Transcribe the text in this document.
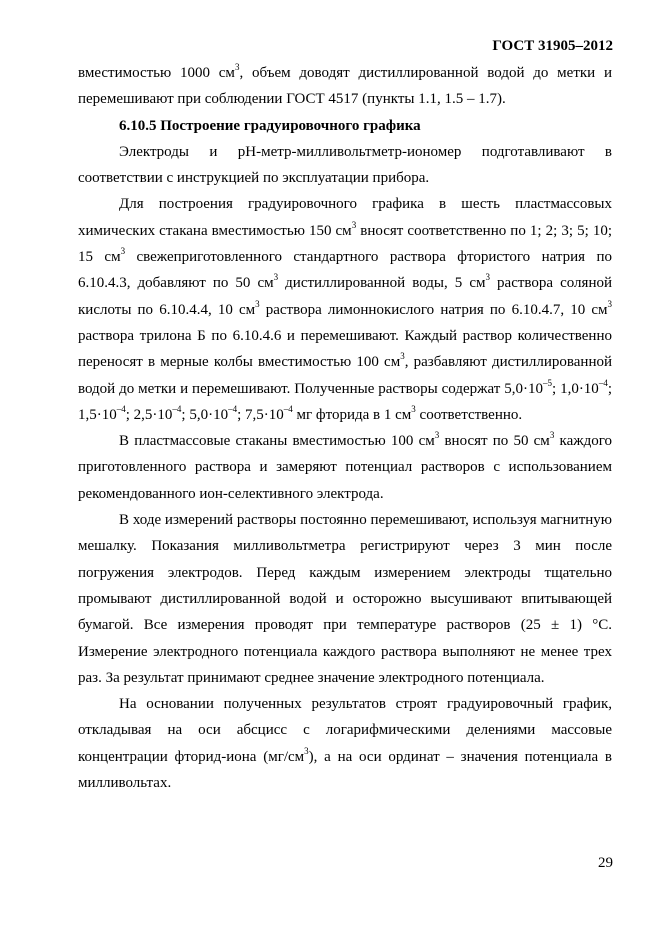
ГОСТ 31905–2012

вместимостью 1000 $см^3$, объем доводят дистиллированной водой до метки и перемешивают при соблюдении ГОСТ 4517 (пункты 1.1, 1.5 – 1.7).

6.10.5 Построение градуировочного графика

Электроды и pH-метр-милливольтметр-иономер подготавливают в соответствии с инструкцией по эксплуатации прибора.

Для построения градуировочного графика в шесть пластмассовых химических стакана вместимостью 150 $см^3$ вносят соответственно по 1; 2; 3; 5; 10; 15 $см^3$ свежеприготовленного стандартного раствора фтористого натрия по 6.10.4.3, добавляют по 50 $см^3$ дистиллированной воды, 5 $см^3$ раствора соляной кислоты по 6.10.4.4, 10 $см^3$ раствора лимоннокислого натрия по 6.10.4.7, 10 $см^3$ раствора трилона Б по 6.10.4.6 и перемешивают. Каждый раствор количественно переносят в мерные колбы вместимостью 100 $см^3$, разбавляют дистиллированной водой до метки и перемешивают. Полученные растворы содержат $5,0\cdot 10^{-5}$; $1,0\cdot 10^{-4}$; $1,5\cdot 10^{-4}$; $2,5\cdot 10^{-4}$; $5,0\cdot 10^{-4}$; $7,5\cdot 10^{-4}$ мг фторида в 1 $см^3$ соответственно.

В пластмассовые стаканы вместимостью 100 $см^3$ вносят по 50 $см^3$ каждого приготовленного раствора и замеряют потенциал растворов с использованием рекомендованного ион-селективного электрода.

В ходе измерений растворы постоянно перемешивают, используя магнитную мешалку. Показания милливольтметра регистрируют через 3 мин после погружения электродов. Перед каждым измерением электроды тщательно промывают дистиллированной водой и осторожно высушивают впитывающей бумагой. Все измерения проводят при температуре растворов (25 ± 1) °С. Измерение электродного потенциала каждого раствора выполняют не менее трех раз. За результат принимают среднее значение электродного потенциала.

На основании полученных результатов строят градуировочный график, откладывая на оси абсцисс с логарифмическими делениями массовые концентрации фторид-иона $(мг/см^3)$, а на оси ординат – значения потенциала в милливольтах.

29
